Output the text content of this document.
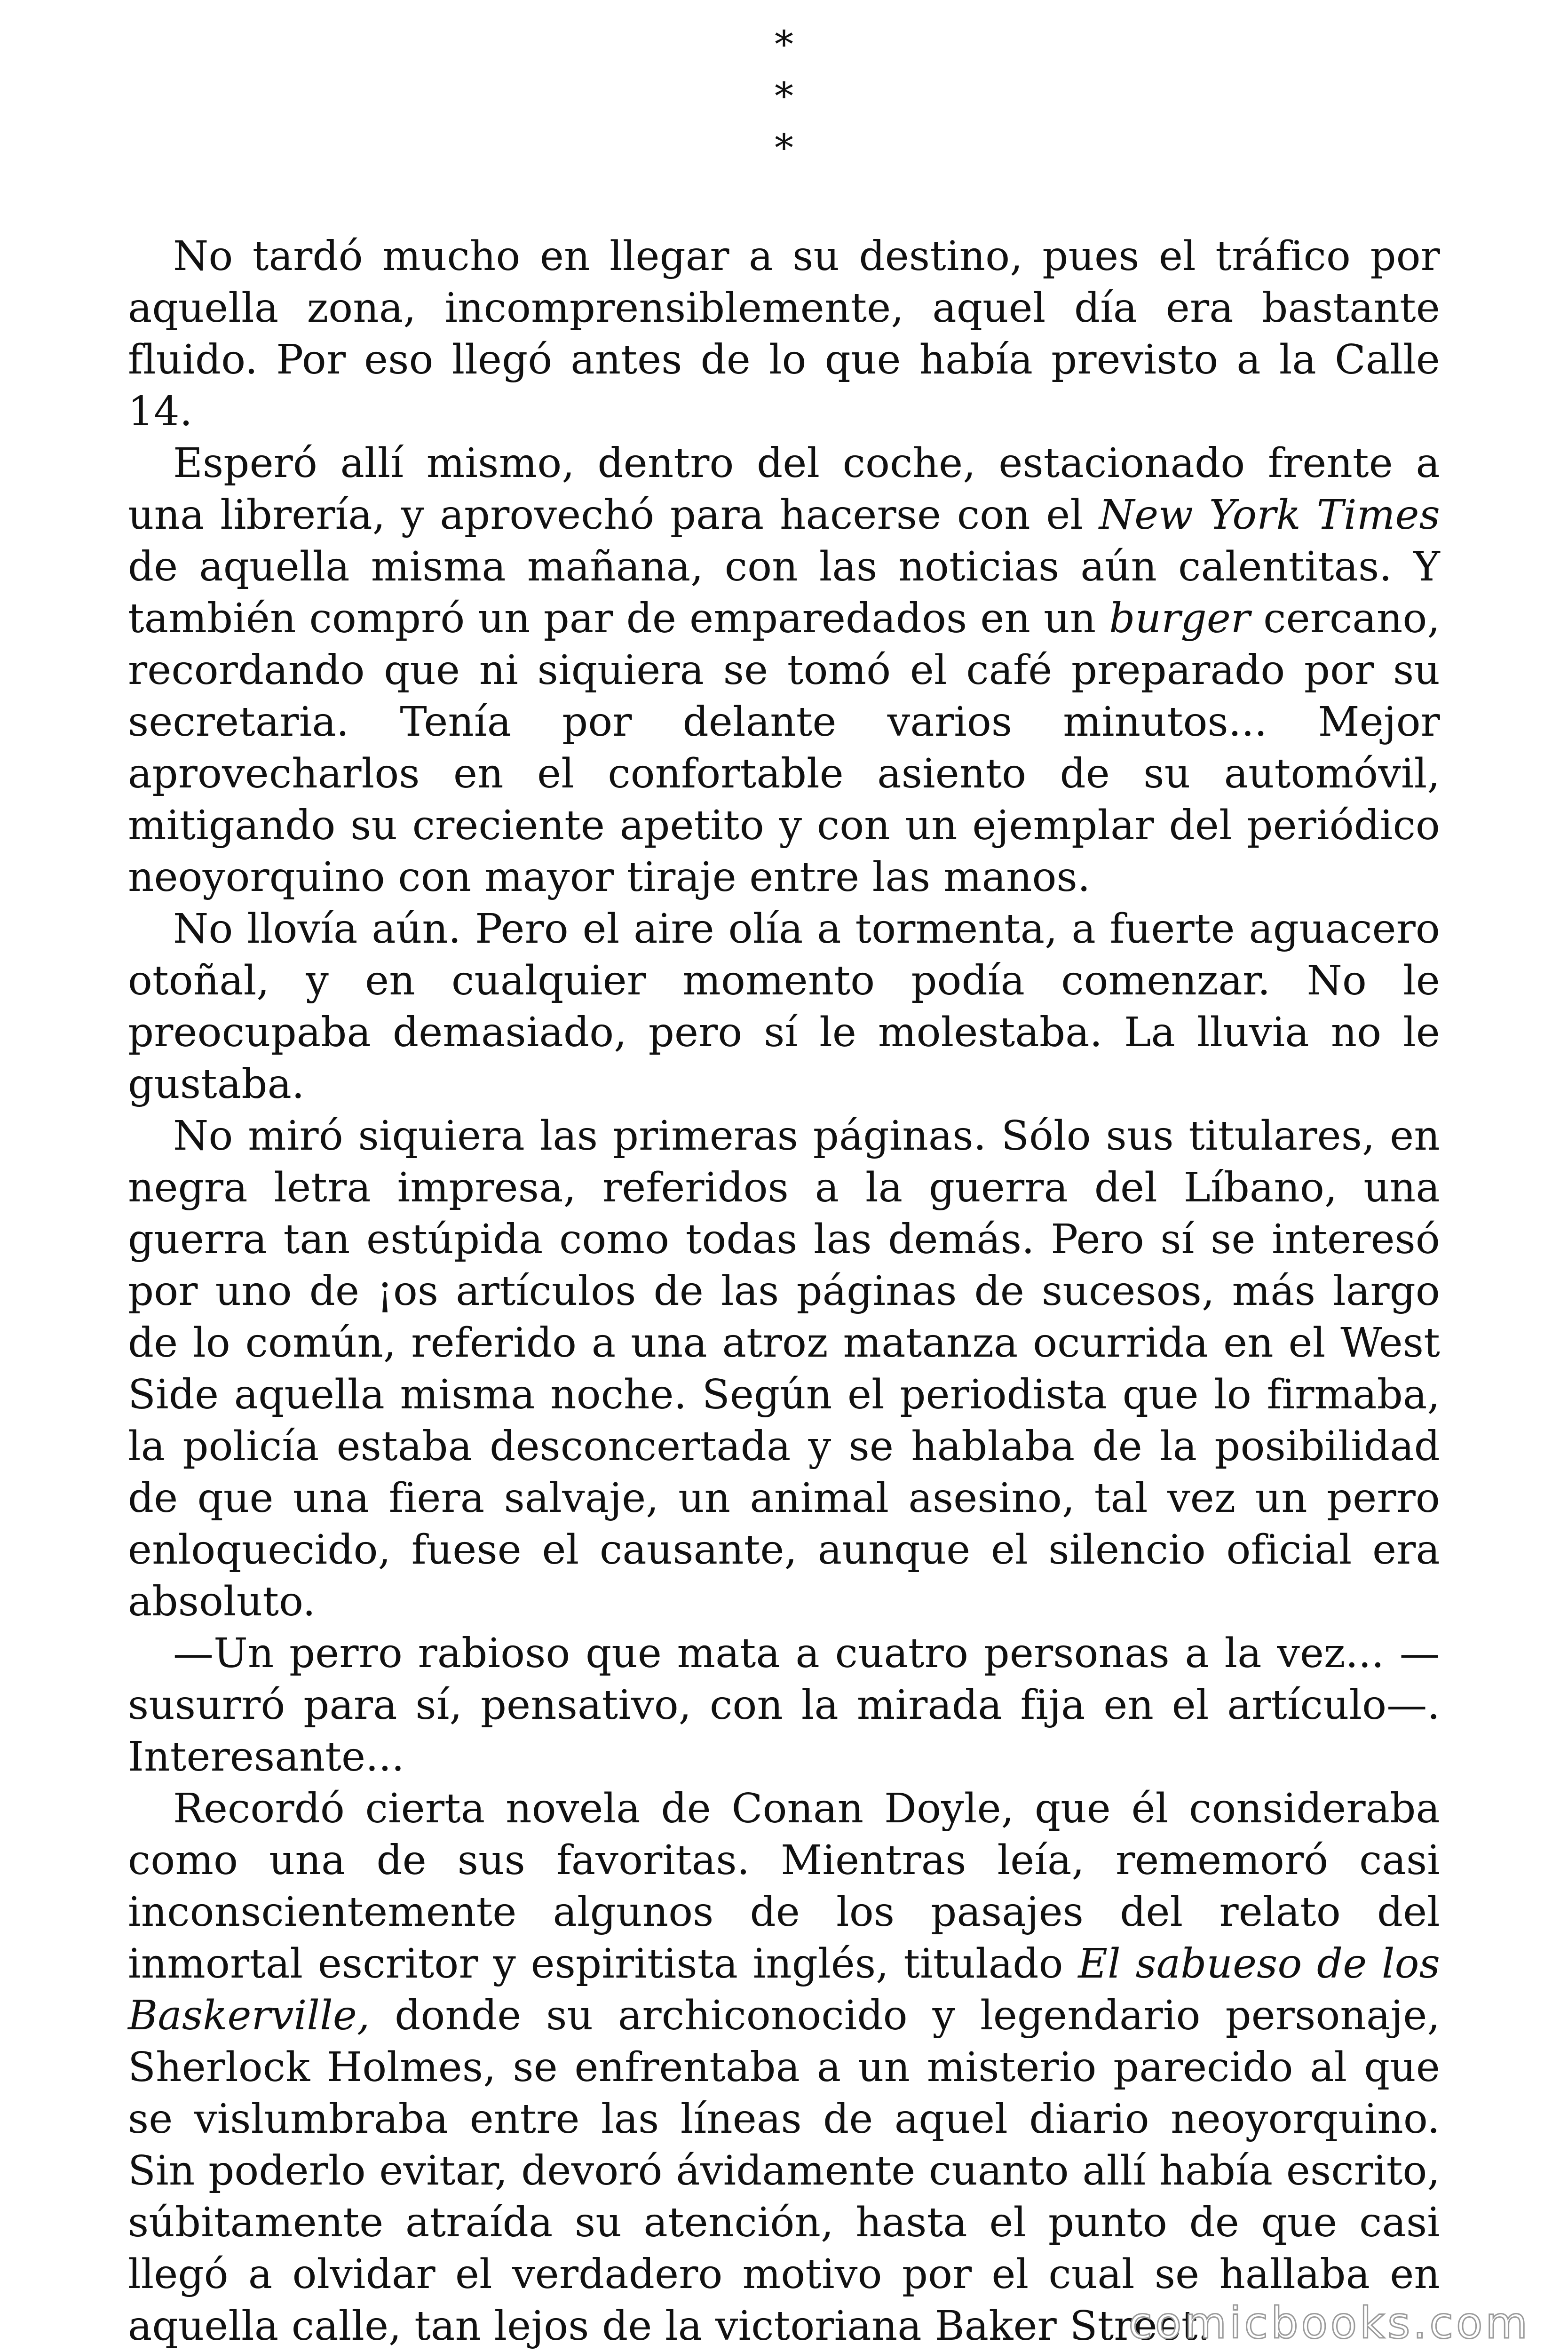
*
*
*

No tardó mucho en llegar a su destino, pues el tráfico por aquella zona, incomprensiblemente, aquel día era bastante fluido. Por eso llegó antes de lo que había previsto a la Calle 14.

Esperó allí mismo, dentro del coche, estacionado frente a una librería, y aprovechó para hacerse con el New York Times de aquella misma mañana, con las noticias aún calentitas. Y también compró un par de emparedados en un burger cercano, recordando que ni siquiera se tomó el café preparado por su secretaria. Tenía por delante varios minutos... Mejor aprovecharlos en el confortable asiento de su automóvil, mitigando su creciente apetito y con un ejemplar del periódico neoyorquino con mayor tiraje entre las manos.

No llovía aún. Pero el aire olía a tormenta, a fuerte aguacero otoñal, y en cualquier momento podía comenzar. No le preocupaba demasiado, pero sí le molestaba. La lluvia no le gustaba.

No miró siquiera las primeras páginas. Sólo sus titulares, en negra letra impresa, referidos a la guerra del Líbano, una guerra tan estúpida como todas las demás. Pero sí se interesó por uno de ¡os artículos de las páginas de sucesos, más largo de lo común, referido a una atroz matanza ocurrida en el West Side aquella misma noche. Según el periodista que lo firmaba, la policía estaba desconcertada y se hablaba de la posibilidad de que una fiera salvaje, un animal asesino, tal vez un perro enloquecido, fuese el causante, aunque el silencio oficial era absoluto.

—Un perro rabioso que mata a cuatro personas a la vez... — susurró para sí, pensativo, con la mirada fija en el artículo—. Interesante...

Recordó cierta novela de Conan Doyle, que él consideraba como una de sus favoritas. Mientras leía, rememoró casi inconscientemente algunos de los pasajes del relato del inmortal escritor y espiritista inglés, titulado El sabueso de los Baskerville, donde su archiconocido y legendario personaje, Sherlock Holmes, se enfrentaba a un misterio parecido al que se vislumbraba entre las líneas de aquel diario neoyorquino. Sin poderlo evitar, devoró ávidamente cuanto allí había escrito, súbitamente atraída su atención, hasta el punto de que casi llegó a olvidar el verdadero motivo por el cual se hallaba en aquella calle, tan lejos de la victoriana Baker Street.

comicbooks.com
